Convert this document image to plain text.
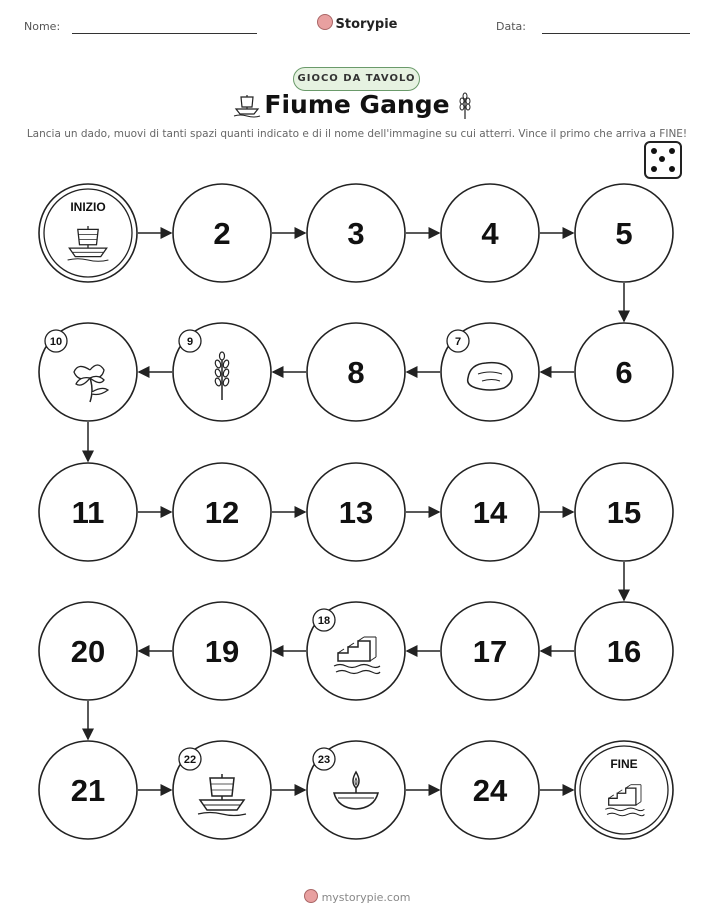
Nome:	Storypie	Data:
GIOCO DA TAVOLO
Fiume Gange
Lancia un dado, muovi di tanti spazi quanti indicato e di il nome dell'immagine su cui atterri. Vince il primo che arriva a FINE!
INIZIO
2	3	4	5
6
7
8
9
10
11	12	13	14	15
16
17
18
19
20
21
22	23
24
FINE
mystorypie.com
